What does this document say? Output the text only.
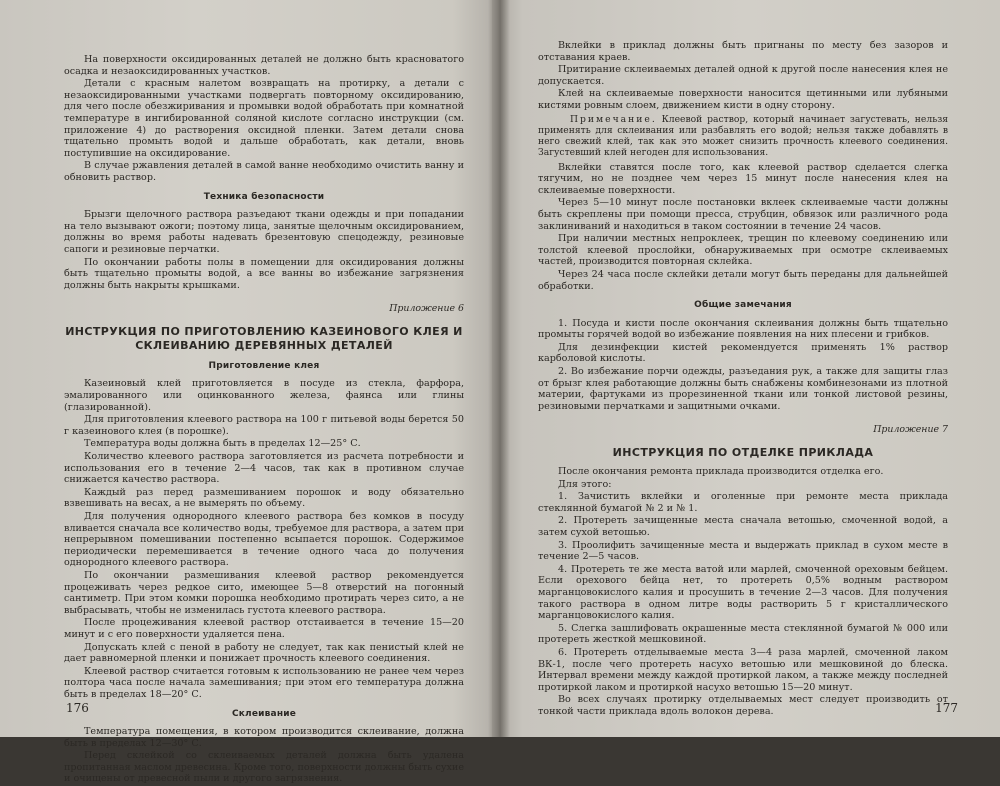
На поверхности оксидированных деталей не должно быть красноватого осадка и незаоксидированных участков.

Детали с красным налетом возвращать на протирку, а детали с незаоксидированными участками подвергать повторному оксидированию, для чего после обезжиривания и промывки водой обработать при комнатной температуре в ингибированной соляной кислоте согласно инструкции (см. приложение 4) до растворения оксидной пленки. Затем детали снова тщательно промыть водой и дальше обработать, как детали, вновь поступившие на оксидирование.

В случае ржавления деталей в самой ванне необходимо очистить ванну и обновить раствор.

Техника безопасности

Брызги щелочного раствора разъедают ткани одежды и при попадании на тело вызывают ожоги; поэтому лица, занятые щелочным оксидированием, должны во время работы надевать брезентовую спецодежду, резиновые сапоги и резиновые перчатки.

По окончании работы полы в помещении для оксидирования должны быть тщательно промыты водой, а все ванны во избежание загрязнения должны быть накрыты крышками.

Приложение 6
ИНСТРУКЦИЯ ПО ПРИГОТОВЛЕНИЮ КАЗЕИНОВОГО КЛЕЯ И СКЛЕИВАНИЮ ДЕРЕВЯННЫХ ДЕТАЛЕЙ
Приготовление клея

Казеиновый клей приготовляется в посуде из стекла, фарфора, эмалированного или оцинкованного железа, фаянса или глины (глазированной).

Для приготовления клеевого раствора на 100 г питьевой воды берется 50 г казеинового клея (в порошке).

Температура воды должна быть в пределах 12—25° С.

Количество клеевого раствора заготовляется из расчета потребности и использования его в течение 2—4 часов, так как в противном случае снижается качество раствора.

Каждый раз перед размешиванием порошок и воду обязательно взвешивать на весах, а не вымерять по объему.

Для получения однородного клеевого раствора без комков в посуду вливается сначала все количество воды, требуемое для раствора, а затем при непрерывном помешивании постепенно всыпается порошок. Содержимое периодически перемешивается в течение одного часа до получения однородного клеевого раствора.

По окончании размешивания клеевой раствор рекомендуется процеживать через редкое сито, имеющее 5—8 отверстий на погонный сантиметр. При этом комки порошка необходимо протирать через сито, а не выбрасывать, чтобы не изменилась густота клеевого раствора.

После процеживания клеевой раствор отстаивается в течение 15—20 минут и с его поверхности удаляется пена.

Допускать клей с пеной в работу не следует, так как пенистый клей не дает равномерной пленки и понижает прочность клеевого соединения.

Клеевой раствор считается готовым к использованию не ранее чем через полтора часа после начала замешивания; при этом его температура должна быть в пределах 18—20° С.

Склеивание

Температура помещения, в котором производится склеивание, должна быть в пределах 12—30° С.

Перед склейкой со склеиваемых деталей должна быть удалена пропитанная маслом древесина. Кроме того, поверхности должны быть сухие и очищены от древесной пыли и другого загрязнения.

176

Вклейки в приклад должны быть пригнаны по месту без зазоров и отставания краев.

Притирание склеиваемых деталей одной к другой после нанесения клея не допускается.

Клей на склеиваемые поверхности наносится щетинными или лубяными кистями ровным слоем, движением кисти в одну сторону.

Примечание. Клеевой раствор, который начинает загустевать, нельзя применять для склеивания или разбавлять его водой; нельзя также добавлять в него свежий клей, так как это может снизить прочность клеевого соединения. Загустевший клей негоден для использования.

Вклейки ставятся после того, как клеевой раствор сделается слегка тягучим, но не позднее чем через 15 минут после нанесения клея на склеиваемые поверхности.

Через 5—10 минут после постановки вклеек склеиваемые части должны быть скреплены при помощи пресса, струбцин, обвязок или различного рода заклиниваний и находиться в таком состоянии в течение 24 часов.

При наличии местных непроклеек, трещин по клеевому соединению или толстой клеевой прослойки, обнаруживаемых при осмотре склеиваемых частей, производится повторная склейка.

Через 24 часа после склейки детали могут быть переданы для дальнейшей обработки.

Общие замечания

1. Посуда и кисти после окончания склеивания должны быть тщательно промыты горячей водой во избежание появления на них плесени и грибков.

Для дезинфекции кистей рекомендуется применять 1% раствор карболовой кислоты.

2. Во избежание порчи одежды, разъедания рук, а также для защиты глаз от брызг клея работающие должны быть снабжены комбинезонами из плотной материи, фартуками из прорезиненной ткани или тонкой листовой резины, резиновыми перчатками и защитными очками.

Приложение 7
ИНСТРУКЦИЯ ПО ОТДЕЛКЕ ПРИКЛАДА

После окончания ремонта приклада производится отделка его.

Для этого:

1. Зачистить вклейки и оголенные при ремонте места приклада стеклянной бумагой № 2 и № 1.

2. Протереть зачищенные места сначала ветошью, смоченной водой, а затем сухой ветошью.

3. Проолифить зачищенные места и выдержать приклад в сухом месте в течение 2—5 часов.

4. Протереть те же места ватой или марлей, смоченной ореховым бейцем. Если орехового бейца нет, то протереть 0,5% водным раствором марганцовокислого калия и просушить в течение 2—3 часов. Для получения такого раствора в одном литре воды растворить 5 г кристаллического марганцовокислого калия.

5. Слегка зашлифовать окрашенные места стеклянной бумагой № 000 или протереть жесткой мешковиной.

6. Протереть отделываемые места 3—4 раза марлей, смоченной лаком ВК-1, после чего протереть насухо ветошью или мешковиной до блеска. Интервал времени между каждой протиркой лаком, а также между последней протиркой лаком и протиркой насухо ветошью 15—20 минут.

Во всех случаях протирку отделываемых мест следует производить от тонкой части приклада вдоль волокон дерева.	177
